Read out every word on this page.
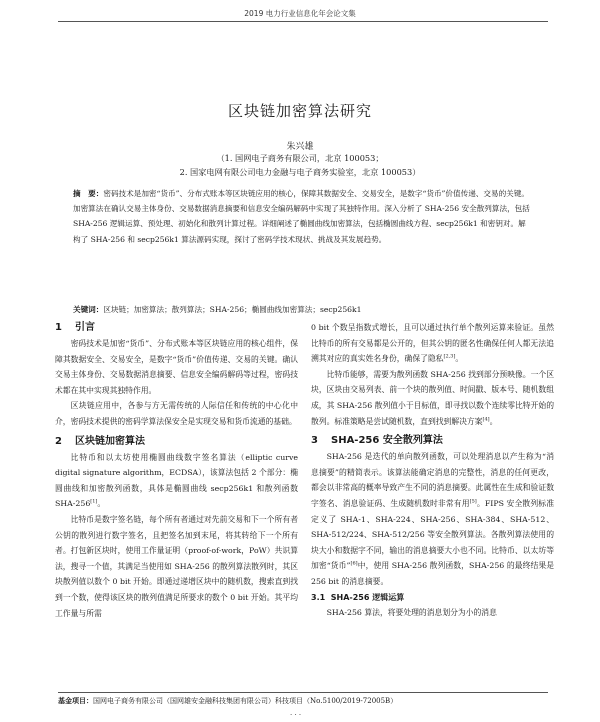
2019 电力行业信息化年会论文集
区块链加密算法研究
朱兴雄
（1. 国网电子商务有限公司，北京 100053；
2. 国家电网有限公司电力金融与电子商务实验室，北京 100053）
摘　要：密码技术是加密“货币”、分布式账本等区块链应用的核心，保障其数据安全、交易安全，是数字“货币”价值传递、交易的关键。加密算法在确认交易主体身份、交易数据消息摘要和信息安全编码解码中实现了其独特作用。深入分析了 SHA-256 安全散列算法，包括 SHA-256 逻辑运算、预处理、初始化和散列计算过程。详细阐述了椭圆曲线加密算法，包括椭圆曲线方程、secp256k1 和密钥对。解构了 SHA-256 和 secp256k1 算法源码实现，探讨了密码学技术现状、挑战及其发展趋势。
关键词：区块链；加密算法；散列算法；SHA-256；椭圆曲线加密算法；secp256k1
1 引言

密码技术是加密“货币”、分布式账本等区块链应用的核心组件，保障其数据安全、交易安全，是数字“货币”价值传递、交易的关键。确认交易主体身份、交易数据消息摘要、信息安全编码解码等过程，密码技术都在其中实现其独特作用。

区块链应用中，各参与方无需传统的人际信任和传统的中心化中介，密码技术提供的密码学算法保安全是实现交易和货币流通的基础。

2 区块链加密算法

比特币和以太坊使用椭圆曲线数字签名算法（elliptic curve digital signature algorithm，ECDSA），该算法包括 2 个部分：椭圆曲线和加密散列函数，具体是椭圆曲线 secp256k1 和散列函数 SHA-256[1]。

比特币是数字签名链，每个所有者通过对先前交易和下一个所有者公钥的散列进行数字签名，且把签名加到末尾，将其转给下一个所有者。打包新区块时，使用工作量证明（proof-of-work，PoW）共识算法，搜寻一个值，其满足当使用如 SHA-256 的散列算法散列时，其区块散列值以数个 0 bit 开始。即通过递增区块中的随机数，搜索直到找到一个数，使得该区块的散列值满足所要求的数个 0 bit 开始。其平均工作量与所需

0 bit 个数呈指数式增长，且可以通过执行单个散列运算来验证。虽然比特币的所有交易都是公开的，但其公钥的匿名性确保任何人都无法追溯其对应的真实姓名身份，确保了隐私[2,3]。

比特币能够，需要为散列函数 SHA-256 找到部分预映像。一个区块，区块由交易列表、前一个块的散列值、时间戳、版本号、随机数组成，其 SHA-256 散列值小于目标值，即寻找以数个连续零比特开始的散列。标准策略是尝试随机数，直到找到解决方案[4]。

3 SHA-256 安全散列算法

SHA-256 是迭代的单向散列函数，可以处理消息以产生称为“消息摘要”的精简表示。该算法能确定消息的完整性，消息的任何更改，都会以非常高的概率导致产生不同的消息摘要。此属性在生成和验证数字签名、消息验证码、生成随机数时非常有用[5]。FIPS 安全散列标准定义了 SHA-1、SHA-224、SHA-256、SHA-384、SHA-512、SHA-512/224、SHA-512/256 等安全散列算法。各散列算法使用的块大小和数据字不同，输出的消息摘要大小也不同。比特币、以太坊等加密“货币”[6]中，使用 SHA-256 散列函数，SHA-256 的最终结果是 256 bit 的消息摘要。

3.1 SHA-256 逻辑运算

SHA-256 算法，将要处理的消息划分为小的消息

基金项目：国网电子商务有限公司（国网雄安金融科技集团有限公司）科技项目（No.5100/2019-72005B）
· · ·
